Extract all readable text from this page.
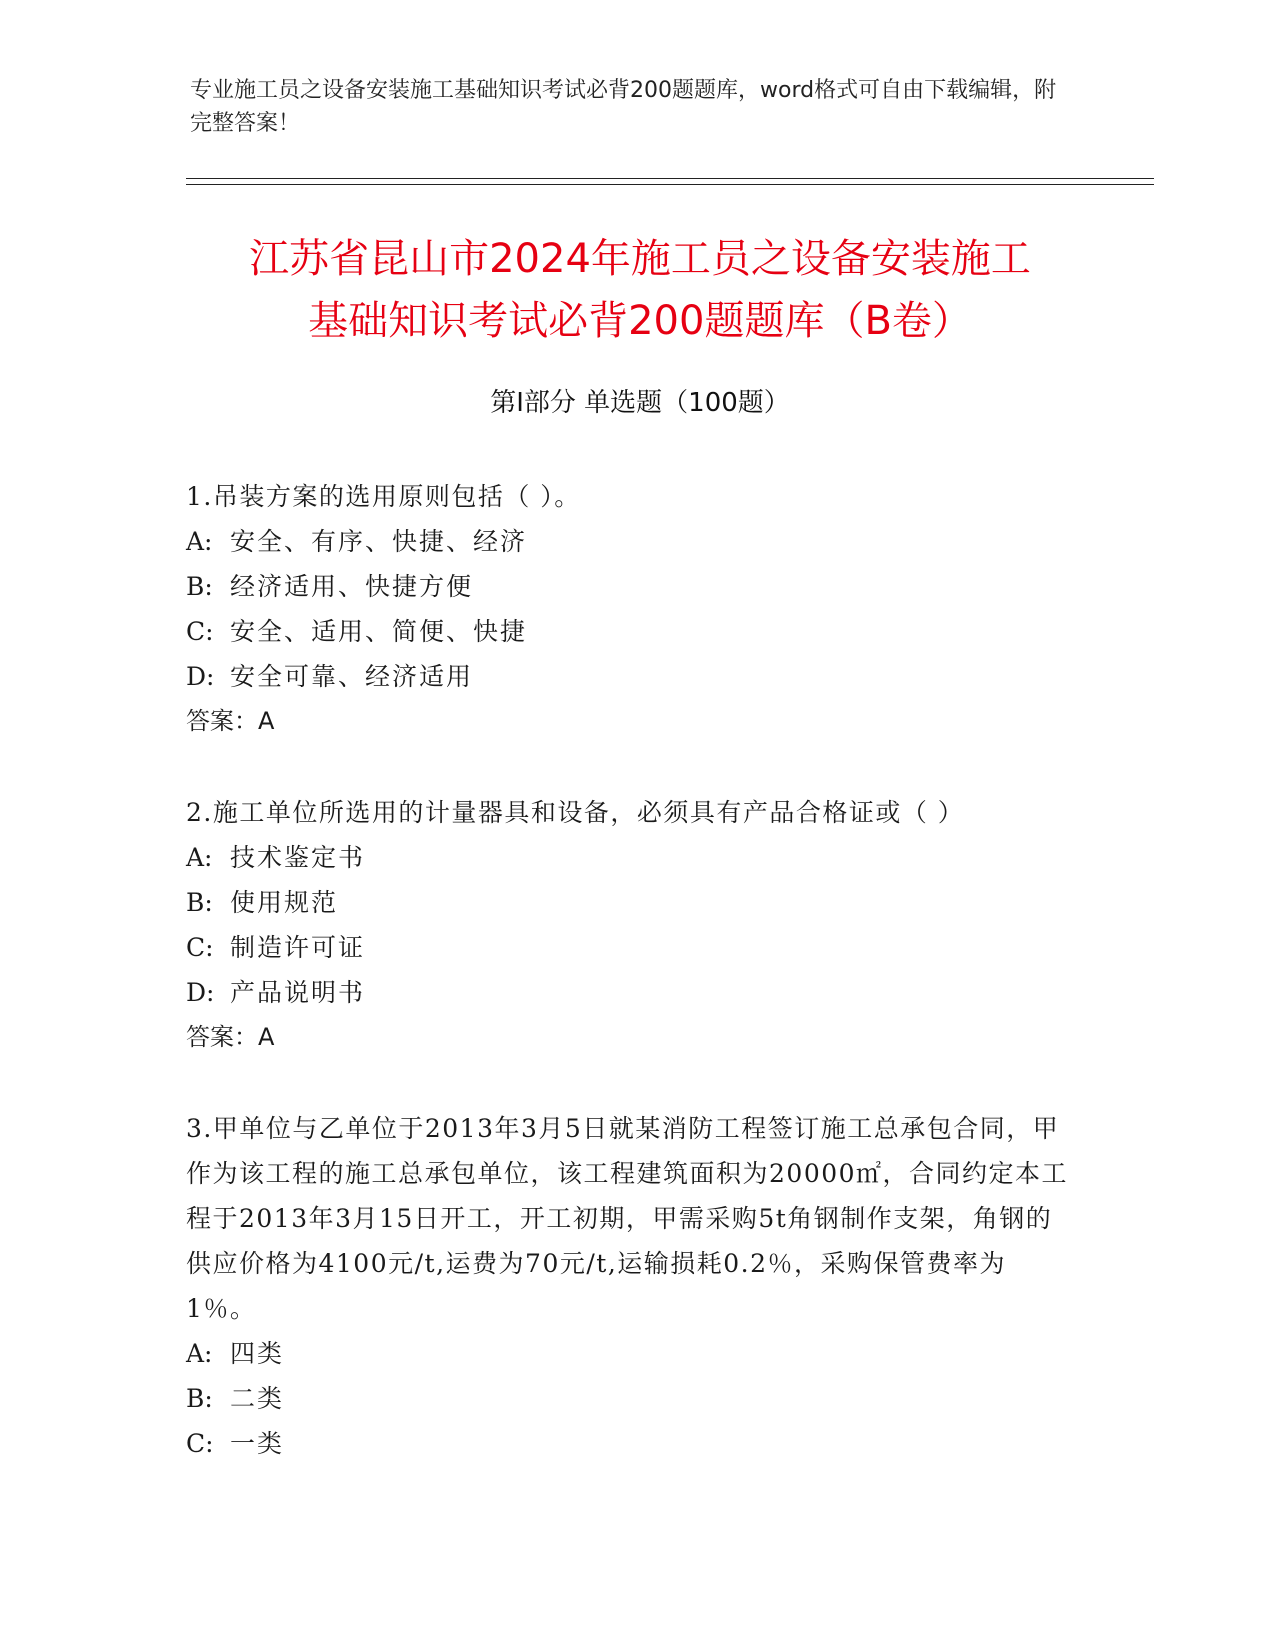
专业施工员之设备安装施工基础知识考试必背200题题库，word格式可自由下载编辑，附完整答案！
江苏省昆山市2024年施工员之设备安装施工
基础知识考试必背200题题库（B卷）
第Ⅰ部分 单选题（100题）

1.吊装方案的选用原则包括（ ）。

A: 安全、有序、快捷、经济

B: 经济适用、快捷方便

C: 安全、适用、简便、快捷

D: 安全可靠、经济适用

答案：A

2.施工单位所选用的计量器具和设备，必须具有产品合格证或（ ）

A: 技术鉴定书

B: 使用规范

C: 制造许可证

D: 产品说明书

答案：A

3.甲单位与乙单位于2013年3月5日就某消防工程签订施工总承包合同，甲作为该工程的施工总承包单位，该工程建筑面积为20000㎡，合同约定本工程于2013年3月15日开工，开工初期，甲需采购5t角钢制作支架，角钢的供应价格为4100元/t,运费为70元/t,运输损耗0.2％，采购保管费率为1％。

A: 四类

B: 二类

C: 一类
